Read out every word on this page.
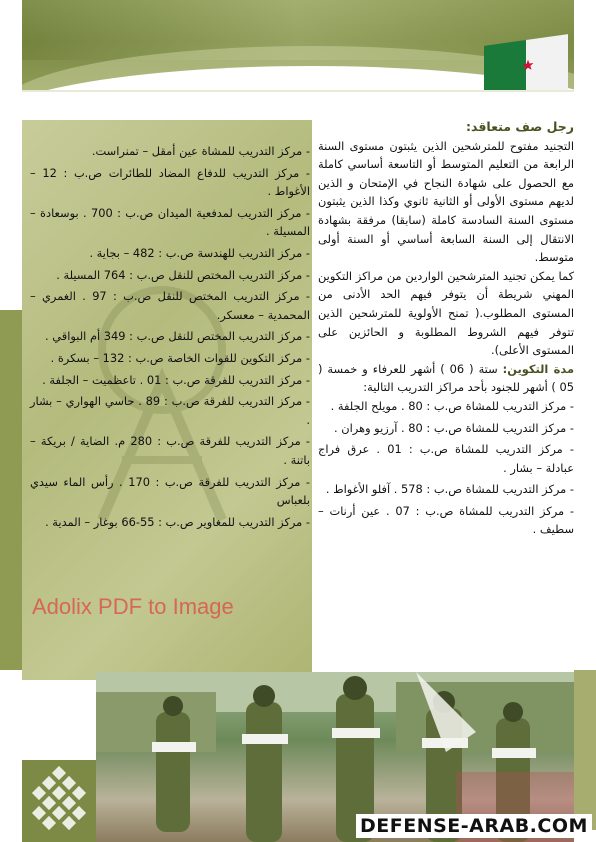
رجل صف متعاقد:

التجنيد مفتوح للمترشحين الذين يثبتون مستوى السنة الرابعة من التعليم المتوسط أو التاسعة أساسي كاملة مع الحصول على شهادة النجاح في الإمتحان و الذين لديهم مستوى الأولى أو الثانية ثانوي وكذا الذين يثبتون مستوى السنة السادسة كاملة (سابقا) مرفقة بشهادة الانتقال إلى السنة السابعة أساسي أو السنة أولى متوسط.

كما يمكن تجنيد المترشحين الواردين من مراكز التكوين المهني شريطة أن يتوفر فيهم الحد الأدنى من المستوى المطلوب.( تمنح الأولوية للمترشحين الذين تتوفر فيهم الشروط المطلوبة و الحائزين على المستوى الأعلى).

مدة التكوين: ستة ( 06 ) أشهر للعرفاء و خمسة ( 05 ) أشهر للجنود بأحد مراكز التدريب التالية:

- مركز التدريب للمشاة ص.ب : 80 . مويلح الجلفة .
- مركز التدريب للمشاة ص.ب : 80 . آرزيو وهران .
- مركز التدريب للمشاة ص.ب : 01 . عرق فراج عبادلة – بشار .
- مركز التدريب للمشاة ص.ب : 578 . آفلو الأغواط .
- مركز التدريب للمشاة ص.ب : 07 . عين أرنات – سطيف .
- مركز التدريب للمشاة عين أمقل – تمنراست.
- مركز التدريب للدفاع المضاد للطائرات ص.ب : 12 – الأغواط .
- مركز التدريب لمدفعية الميدان ص.ب : 700 . بوسعادة – المسيلة .
- مركز التدريب للهندسة ص.ب : 482 – بجاية .
- مركز التدريب المختص للنقل ص.ب : 764 المسيلة .
- مركز التدريب المختص للنقل ص.ب : 97 . الغمري – المحمدية – معسكر.
- مركز التدريب المختص للنقل ص.ب : 349 أم البواقي .
- مركز التكوين للقوات الخاصة ص.ب : 132 – بسكرة .
- مركز التدريب للفرقة ص.ب : 01 . تاعظميت – الجلفة .
- مركز التدريب للفرقة ص.ب : 89 . حاسي الهواري – بشار .
- مركز التدريب للفرقة ص.ب : 280 م. الضاية / بريكة – باتنة .
- مركز التدريب للفرقة ص.ب : 170 . رأس الماء سيدي بلعباس
- مركز التدريب للمغاوير ص.ب : 55-66 بوغار – المدية .
Adolix PDF to Image
DEFENSE-ARAB.COM
